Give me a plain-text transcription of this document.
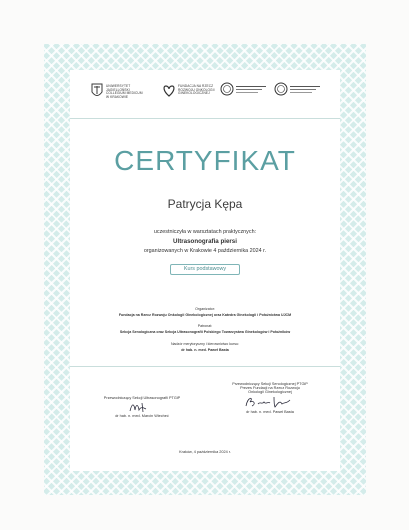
UNIWERSYTET JAGIELLOŃSKI
COLLEGIUM MEDICUM
W KRAKOWIE
FUNDACJA NA RZECZ
ROZWOJU ONKOLOGII
GINEKOLOGICZNEJ
CERTYFIKAT
Patrycja Kępa
uczestniczyła w warsztatach praktycznych:
Ultrasonografia piersi
organizowanych w Krakowie 4 października 2024 r.
Kurs podstawowy
Organizator:
Fundacja na Rzecz Rozwoju Onkologii Ginekologicznej oraz Katedra Ginekologii i Położnictwa UJCM
Patronat:
Sekcja Senologiczna oraz Sekcja Ultrasonografii Polskiego Towarzystwa Ginekologów i Położników
Nadzór merytoryczny i kierownictwo kursu:
dr hab. n. med. Paweł Basta
Przewodniczący Sekcji Ultrasonografii PTGiP
dr hab. n. med. Marcin Wiecheć
Przewodniczący Sekcji Senologicznej PTGiP
Prezes Fundacji na Rzecz Rozwoju
Onkologii Ginekologicznej
dr hab. n. med. Paweł Basta
Kraków, 4 października 2024 r.
